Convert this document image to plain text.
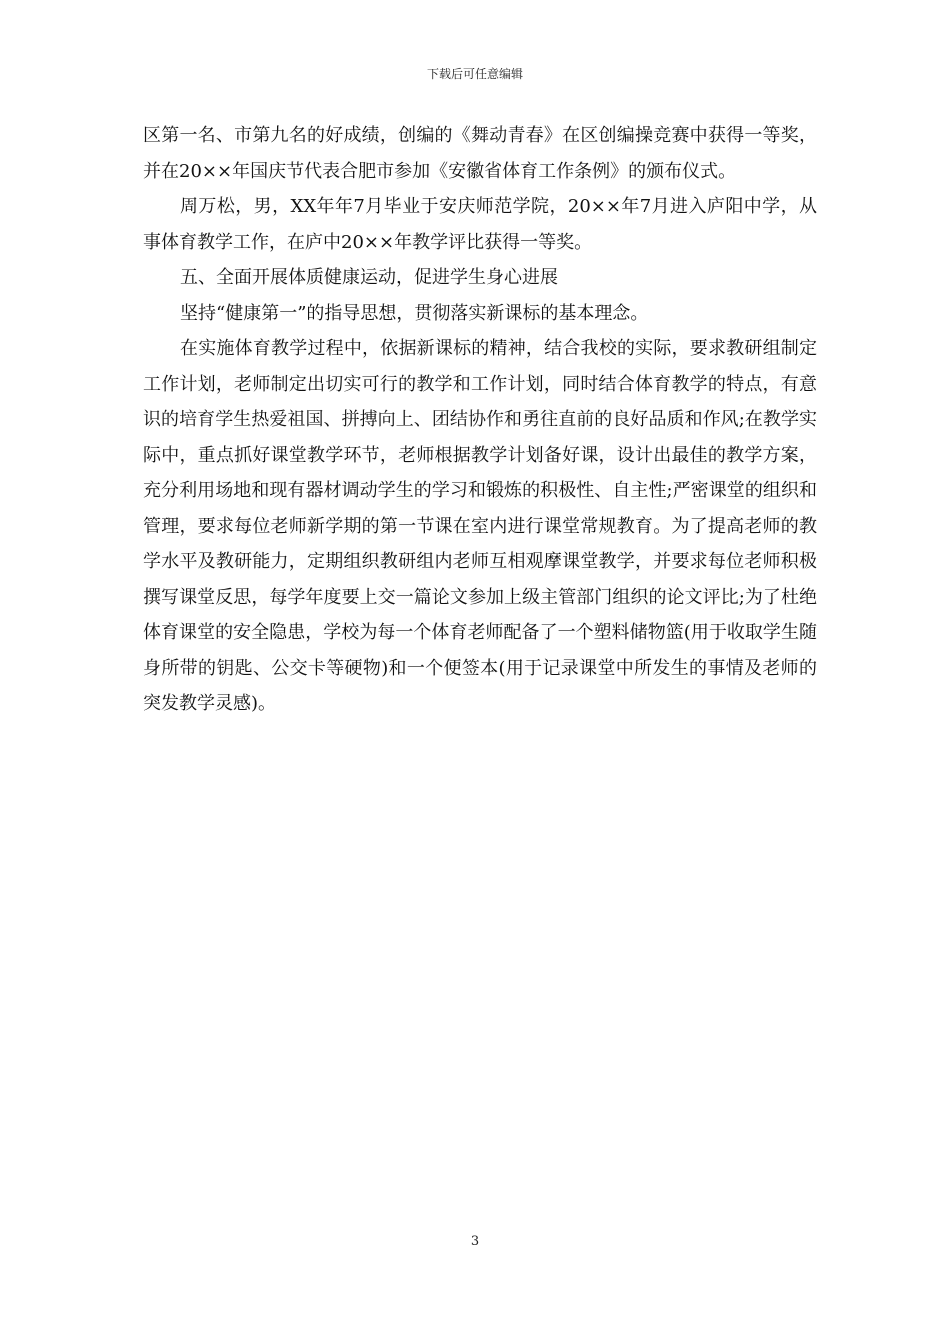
下载后可任意编辑

区第一名、市第九名的好成绩，创编的《舞动青春》在区创编操竞赛中获得一等奖，并在20××年国庆节代表合肥市参加《安徽省体育工作条例》的颁布仪式。

周万松，男，XX年年7月毕业于安庆师范学院，20××年7月进入庐阳中学，从事体育教学工作，在庐中20××年教学评比获得一等奖。

五、全面开展体质健康运动，促进学生身心进展

坚持“健康第一”的指导思想，贯彻落实新课标的基本理念。

在实施体育教学过程中，依据新课标的精神，结合我校的实际，要求教研组制定工作计划，老师制定出切实可行的教学和工作计划，同时结合体育教学的特点，有意识的培育学生热爱祖国、拼搏向上、团结协作和勇往直前的良好品质和作风;在教学实际中，重点抓好课堂教学环节，老师根据教学计划备好课，设计出最佳的教学方案，充分利用场地和现有器材调动学生的学习和锻炼的积极性、自主性;严密课堂的组织和管理，要求每位老师新学期的第一节课在室内进行课堂常规教育。为了提高老师的教学水平及教研能力，定期组织教研组内老师互相观摩课堂教学，并要求每位老师积极撰写课堂反思，每学年度要上交一篇论文参加上级主管部门组织的论文评比;为了杜绝体育课堂的安全隐患，学校为每一个体育老师配备了一个塑料储物篮(用于收取学生随身所带的钥匙、公交卡等硬物)和一个便签本(用于记录课堂中所发生的事情及老师的突发教学灵感)。

3
